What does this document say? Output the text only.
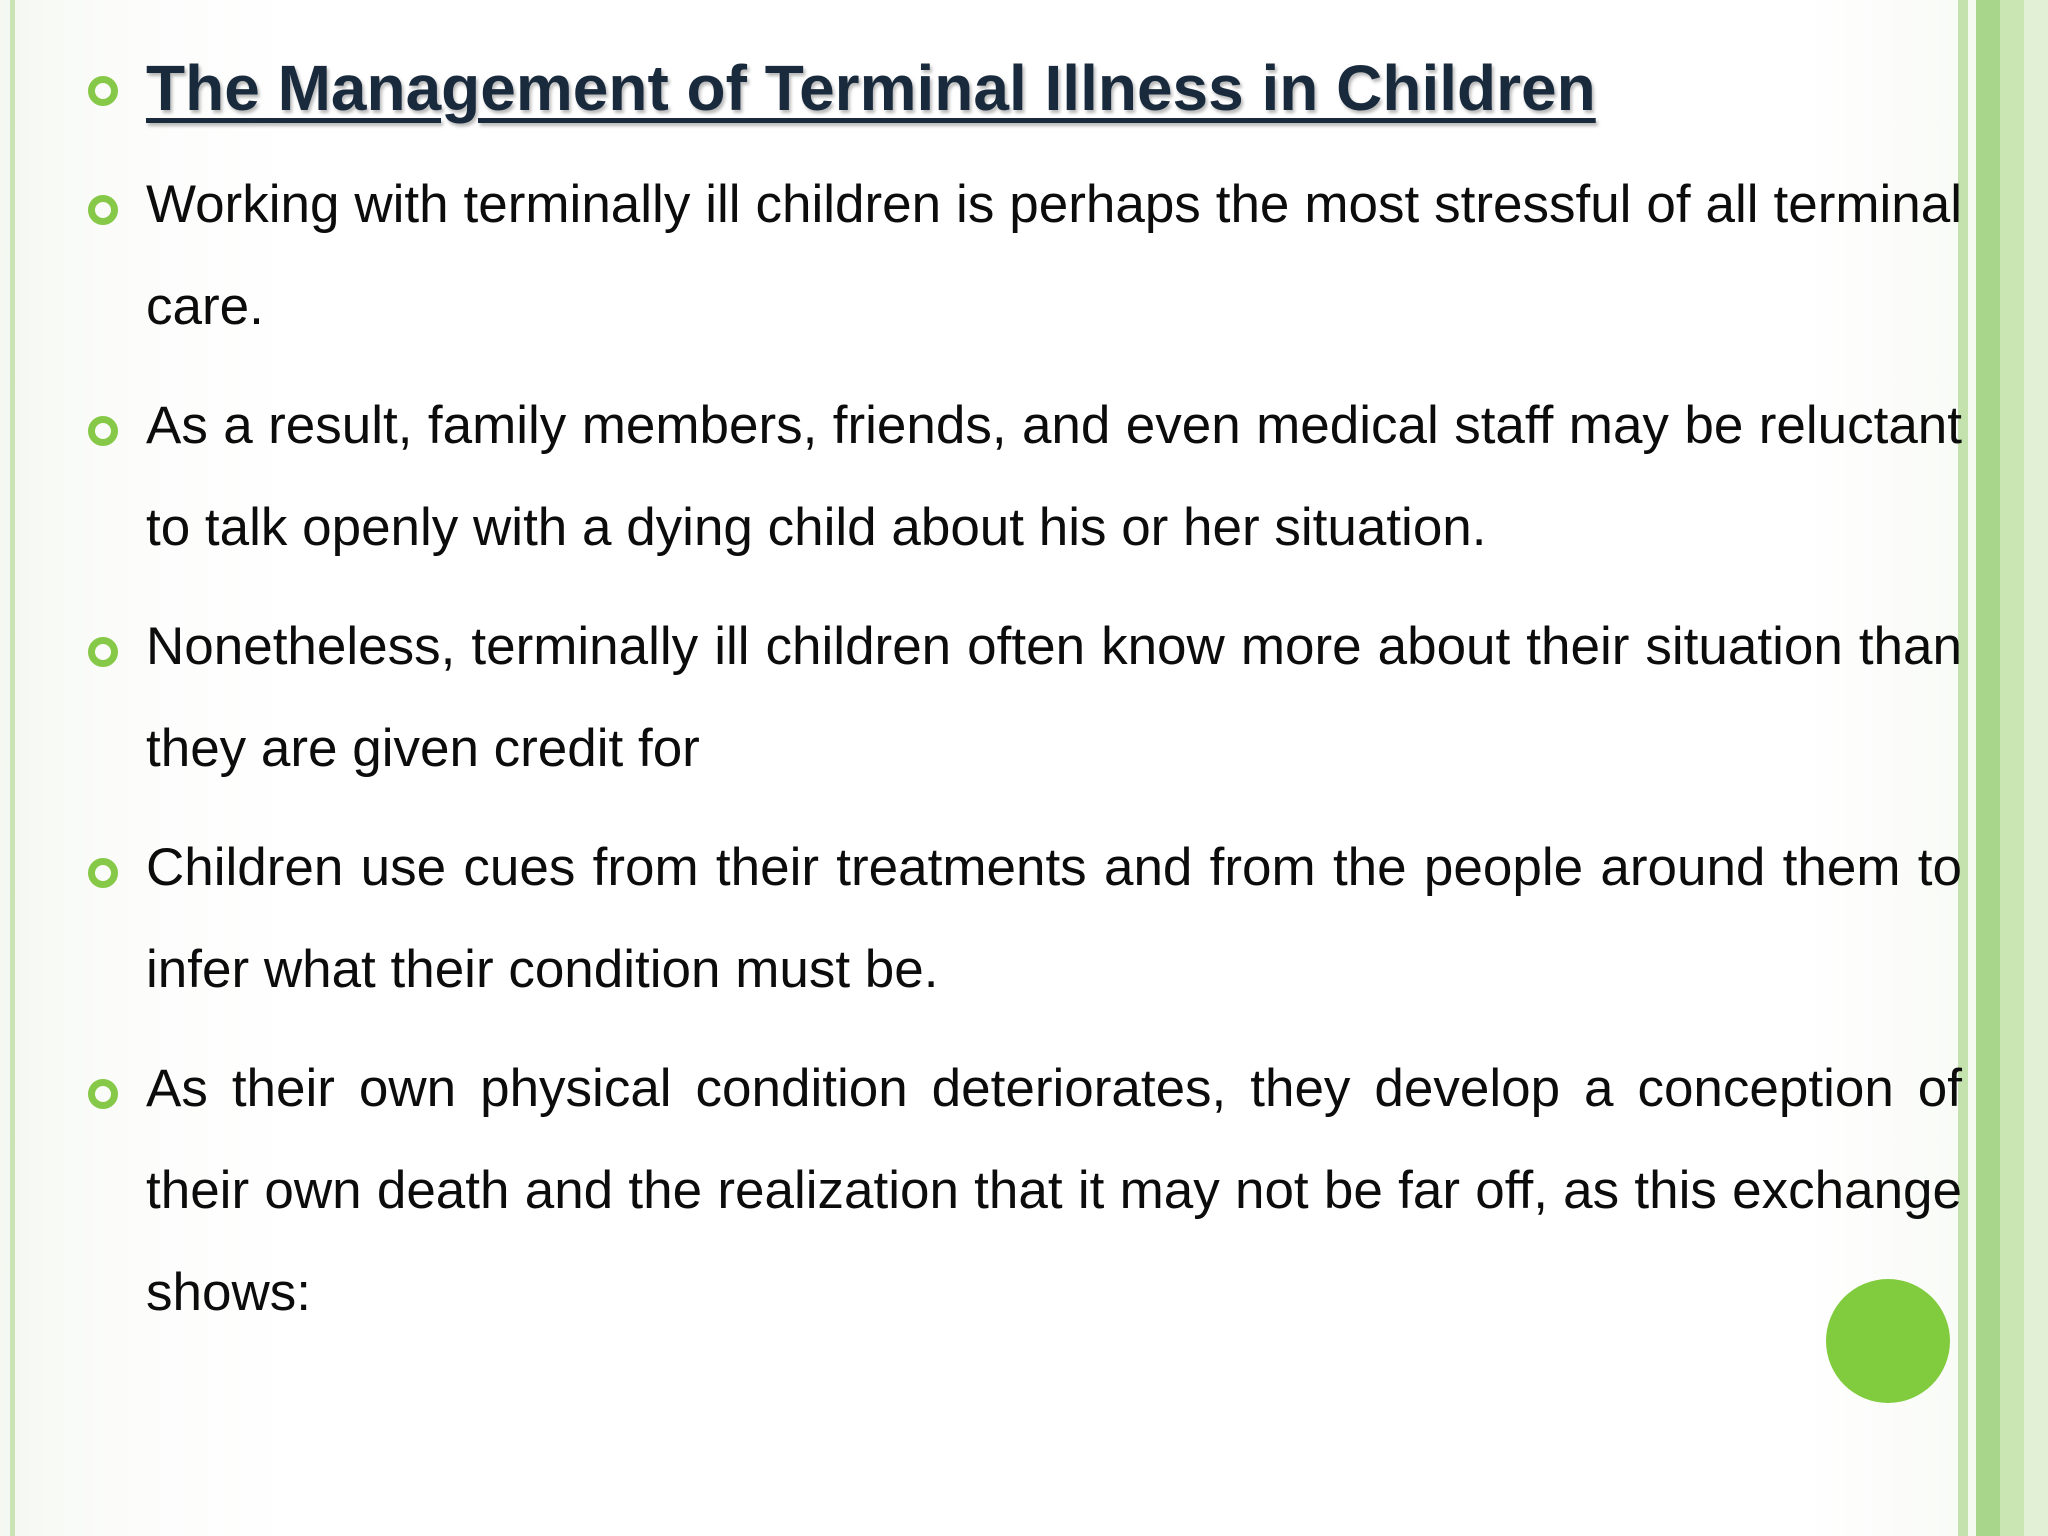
The Management of Terminal Illness in Children

Working with terminally ill children is perhaps the most stressful of all terminal care.

As a result, family members, friends, and even medical staff may be reluctant to talk openly with a dying child about his or her situation.

Nonetheless, terminally ill children often know more about their situation than they are given credit for

Children use cues from their treatments and from the people around them to infer what their condition must be.

As their own physical condition deteriorates, they develop a conception of their own death and the realization that it may not be far off, as this exchange shows:
